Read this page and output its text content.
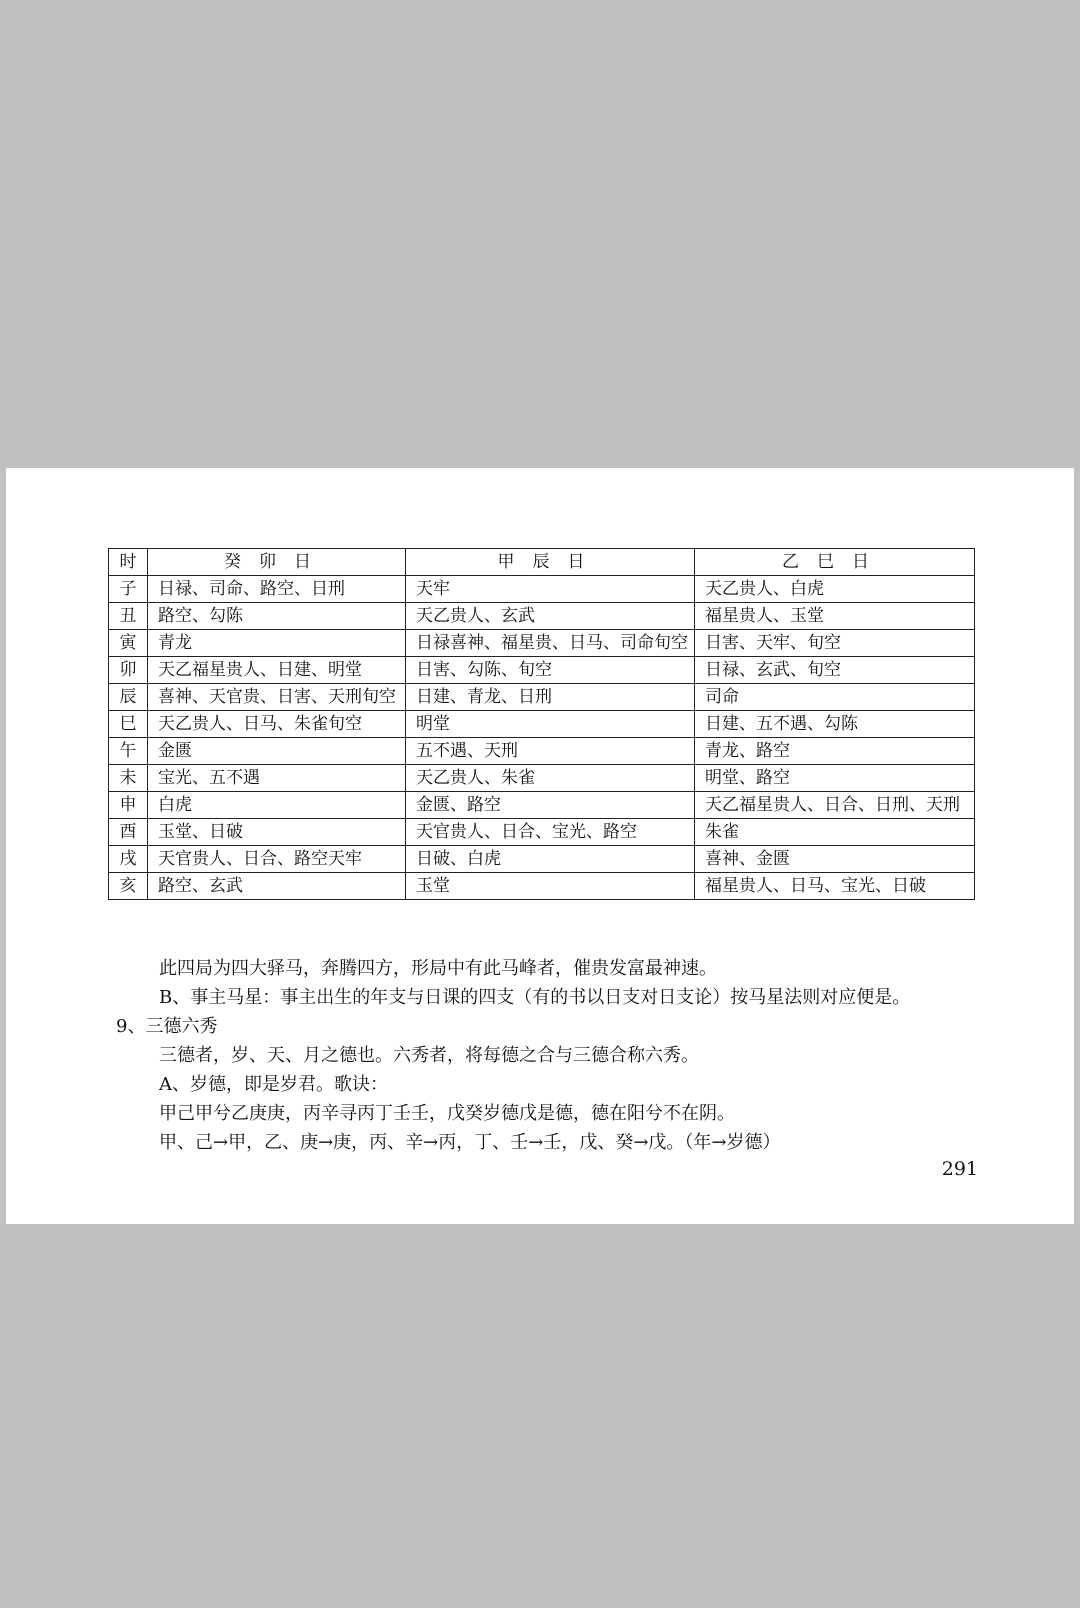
时	癸卯日	甲辰日	乙巳日
子	日禄、司命、路空、日刑	天牢	天乙贵人、白虎
丑	路空、勾陈	天乙贵人、玄武	福星贵人、玉堂
寅	青龙	日禄喜神、福星贵、日马、司命旬空	日害、天牢、旬空
卯	天乙福星贵人、日建、明堂	日害、勾陈、旬空	日禄、玄武、旬空
辰	喜神、天官贵、日害、天刑旬空	日建、青龙、日刑	司命
巳	天乙贵人、日马、朱雀旬空	明堂	日建、五不遇、勾陈
午	金匮	五不遇、天刑	青龙、路空
未	宝光、五不遇	天乙贵人、朱雀	明堂、路空
申	白虎	金匮、路空	天乙福星贵人、日合、日刑、天刑
酉	玉堂、日破	天官贵人、日合、宝光、路空	朱雀
戌	天官贵人、日合、路空天牢	日破、白虎	喜神、金匮
亥	路空、玄武	玉堂	福星贵人、日马、宝光、日破
此四局为四大驿马，奔腾四方，形局中有此马峰者，催贵发富最神速。
B、事主马星：事主出生的年支与日课的四支（有的书以日支对日支论）按马星法则对应便是。
9、三德六秀
三德者，岁、天、月之德也。六秀者，将每德之合与三德合称六秀。
A、岁德，即是岁君。歌诀：
甲己甲兮乙庚庚，丙辛寻丙丁壬壬，戊癸岁德戊是德，德在阳兮不在阴。
甲、己→甲，乙、庚→庚，丙、辛→丙，丁、壬→壬，戊、癸→戊。（年→岁德）
291
